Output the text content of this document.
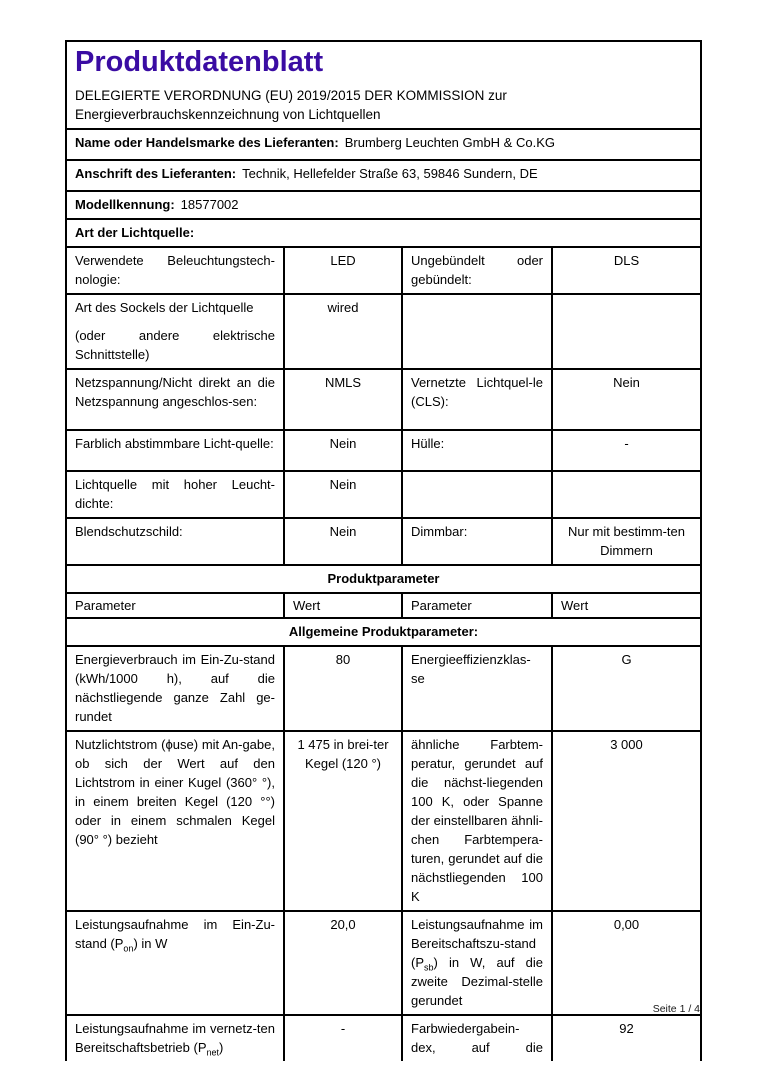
Produktdatenblatt
DELEGIERTE VERORDNUNG (EU) 2019/2015 DER KOMMISSION zur
Energieverbrauchskennzeichnung von Lichtquellen			

Name oder Handelsmarke des Lieferanten: Brumberg Leuchten GmbH & Co.KG			
Anschrift des Lieferanten: Technik, Hellefelder Straße 63, 59846 Sundern, DE			
Modellkennung: 18577002			
Art der Lichtquelle:			
Verwendete Beleuchtungstech-nologie:	LED	Ungebündelt oder gebündelt:	DLS
Art des Sockels der Lichtquelle
(oder andere elektrische Schnittstelle)	wired		
Netzspannung/Nicht direkt an die Netzspannung angeschlos-sen:	NMLS	Vernetzte Lichtquel-le (CLS):	Nein
Farblich abstimmbare Licht-quelle:	Nein	Hülle:	-
Lichtquelle mit hoher Leucht-dichte:	Nein		
Blendschutzschild:	Nein	Dimmbar:	Nur mit bestimm-ten Dimmern
Produktparameter			
Parameter	Wert	Parameter	Wert
Allgemeine Produktparameter:			
Energieverbrauch im Ein-Zu-stand (kWh/1000 h), auf die nächstliegende ganze Zahl ge-rundet	80	Energieeffizienzklas-se	G
Nutzlichtstrom (ϕuse) mit An-gabe, ob sich der Wert auf den Lichtstrom in einer Kugel (360° °), in einem breiten Kegel (120 °°) oder in einem schmalen Kegel (90° °) bezieht	1 475 in brei-ter Kegel (120 °)	ähnliche Farbtem-peratur, gerundet auf die nächst-liegenden 100 K, oder Spanne der einstellbaren ähnli-chen Farbtempera-turen, gerundet auf die nächstliegenden 100 K	3 000
Leistungsaufnahme im Ein-Zu-stand $(P_{on})$ in W	20,0	Leistungsaufnahme im Bereitschaftszu-stand $(P_{sb})$ in W, auf die zweite Dezimal-stelle gerundet	0,00
Leistungsaufnahme im vernetz-ten Bereitschaftsbetrieb $(P_{net})$	-	Farbwiedergabein-dex, auf die	92
Seite 1 / 4
